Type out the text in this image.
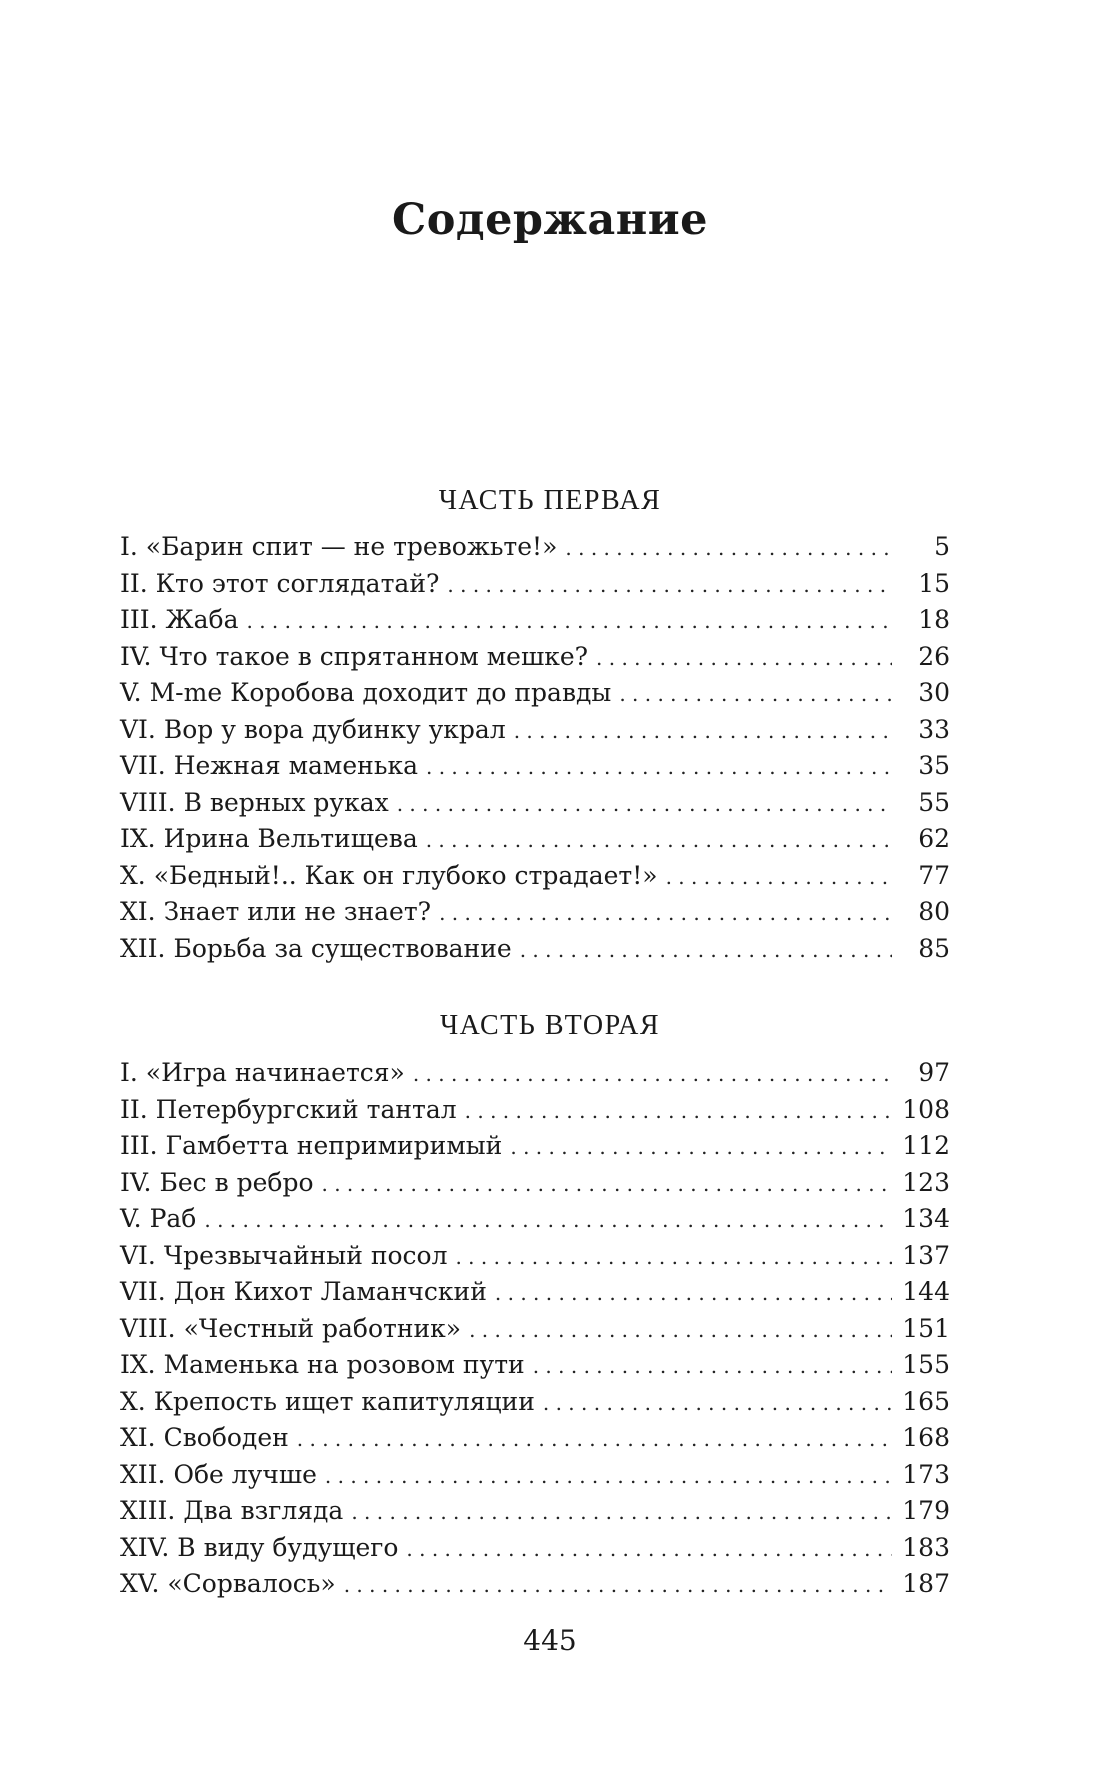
Содержание
ЧАСТЬ ПЕРВАЯ
I. «Барин спит — не тревожьте!» . . .	5
II. Кто этот соглядатай? . . .	15
III. Жаба . . .	18
IV. Что такое в спрятанном мешке? . . .	26
V. M-me Коробова доходит до правды . . .	30
VI. Вор у вора дубинку украл . . .	33
VII. Нежная маменька . . .	35
VIII. В верных руках . . .	55
IX. Ирина Вельтищева . . .	62
X. «Бедный!.. Как он глубоко страдает!» . . .	77
XI. Знает или не знает? . . .	80
XII. Борьба за существование . . .	85
ЧАСТЬ ВТОРАЯ
I. «Игра начинается» . . .	97
II. Петербургский тантал . . .	108
III. Гамбетта непримиримый . . .	112
IV. Бес в ребро . . .	123
V. Раб . . .	134
VI. Чрезвычайный посол . . .	137
VII. Дон Кихот Ламанчский . . .	144
VIII. «Честный работник» . . .	151
IX. Маменька на розовом пути . . .	155
X. Крепость ищет капитуляции . . .	165
XI. Свободен . . .	168
XII. Обе лучше . . .	173
XIII. Два взгляда . . .	179
XIV. В виду будущего . . .	183
XV. «Сорвалось» . . .	187
445
